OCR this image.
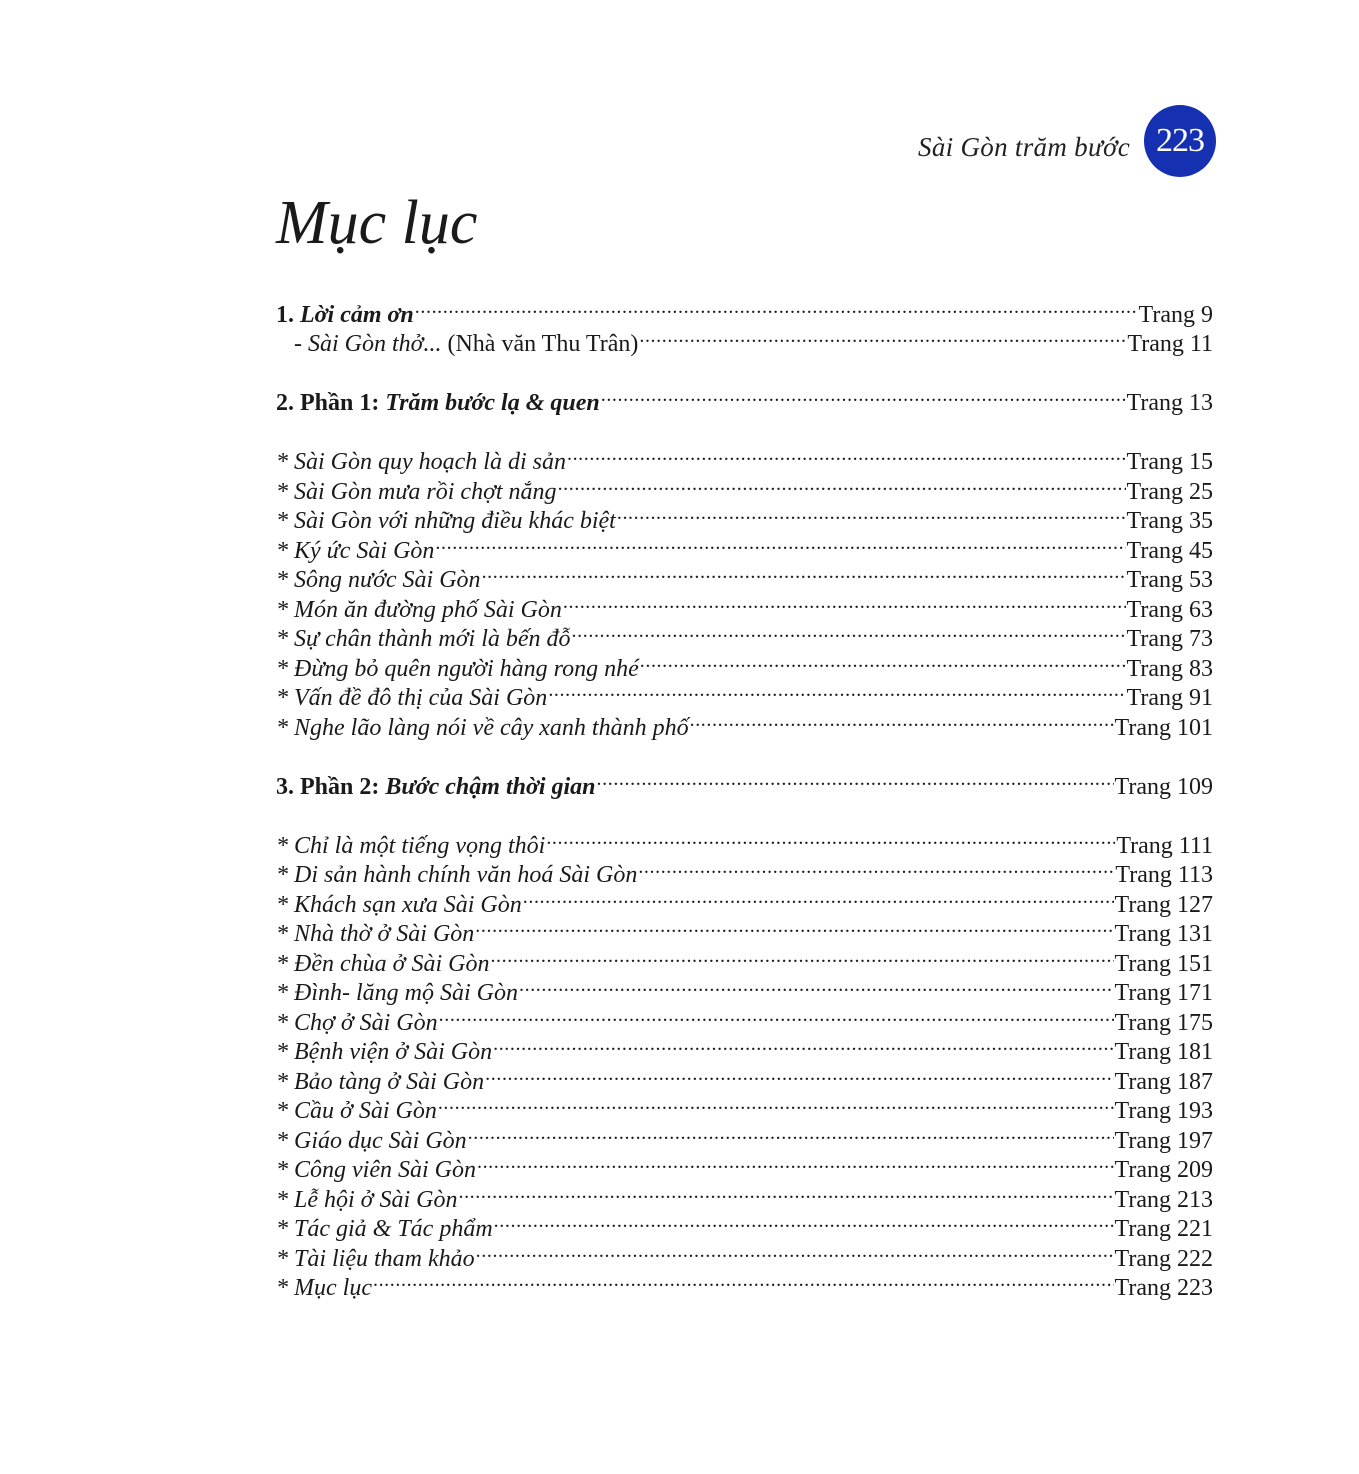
Sài Gòn trăm bước 223
Mục lục
1. Lời cảm ơn .....	Trang 9
- Sài Gòn thở... (Nhà văn Thu Trân) .....	Trang 11
2. Phần 1: Trăm bước lạ & quen .....	Trang 13
* Sài Gòn quy hoạch là di sản .....	Trang 15
* Sài Gòn mưa rồi chợt nắng .....	Trang 25
* Sài Gòn với những điều khác biệt .....	Trang 35
* Ký ức Sài Gòn .....	Trang 45
* Sông nước Sài Gòn .....	Trang 53
* Món ăn đường phố Sài Gòn .....	Trang 63
* Sự chân thành mới là bến đỗ .....	Trang 73
* Đừng bỏ quên người hàng rong nhé .....	Trang 83
* Vấn đề đô thị của Sài Gòn .....	Trang 91
* Nghe lão làng nói về cây xanh thành phố .....	Trang 101
3. Phần 2: Bước chậm thời gian .....	Trang 109
* Chỉ là một tiếng vọng thôi .....	Trang 111
* Di sản hành chính văn hoá Sài Gòn .....	Trang 113
* Khách sạn xưa Sài Gòn .....	Trang 127
* Nhà thờ ở Sài Gòn .....	Trang 131
* Đền chùa ở Sài Gòn .....	Trang 151
* Đình- lăng mộ Sài Gòn .....	Trang 171
* Chợ ở Sài Gòn .....	Trang 175
* Bệnh viện ở Sài Gòn .....	Trang 181
* Bảo tàng ở Sài Gòn .....	Trang 187
* Cầu ở Sài Gòn .....	Trang 193
* Giáo dục Sài Gòn .....	Trang 197
* Công viên Sài Gòn .....	Trang 209
* Lễ hội ở Sài Gòn .....	Trang 213
* Tác giả & Tác phẩm .....	Trang 221
* Tài liệu tham khảo .....	Trang 222
* Mục lục .....	Trang 223
